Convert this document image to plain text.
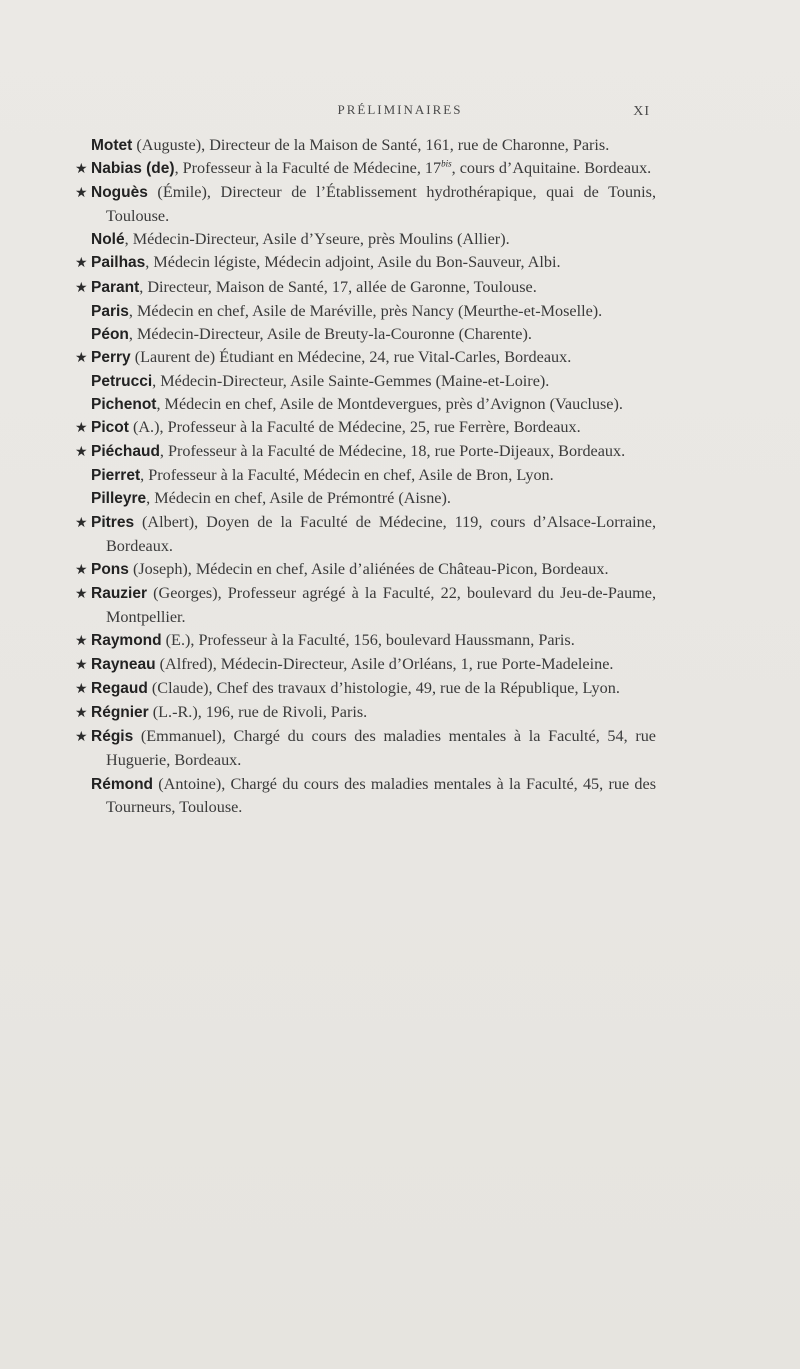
PRÉLIMINAIRES	XI

Motet (Auguste), Directeur de la Maison de Santé, 161, rue de Charonne, Paris.

★ Nabias (de), Professeur à la Faculté de Médecine, $17^{bis}$, cours d’Aquitaine. Bordeaux.

★ Noguès (Émile), Directeur de l’Établissement hydrothérapique, quai de Tounis, Toulouse.

Nolé, Médecin-Directeur, Asile d’Yseure, près Moulins (Allier).

★ Pailhas, Médecin légiste, Médecin adjoint, Asile du Bon-Sauveur, Albi.

★ Parant, Directeur, Maison de Santé, 17, allée de Garonne, Toulouse.

Paris, Médecin en chef, Asile de Maréville, près Nancy (Meurthe-et-Moselle).

Péon, Médecin-Directeur, Asile de Breuty-la-Couronne (Charente).

★ Perry (Laurent de) Étudiant en Médecine, 24, rue Vital-Carles, Bordeaux.

Petrucci, Médecin-Directeur, Asile Sainte-Gemmes (Maine-et-Loire).

Pichenot, Médecin en chef, Asile de Montdevergues, près d’Avignon (Vaucluse).

★ Picot (A.), Professeur à la Faculté de Médecine, 25, rue Ferrère, Bordeaux.

★ Piéchaud, Professeur à la Faculté de Médecine, 18, rue Porte-Dijeaux, Bordeaux.

Pierret, Professeur à la Faculté, Médecin en chef, Asile de Bron, Lyon.

Pilleyre, Médecin en chef, Asile de Prémontré (Aisne).

★ Pitres (Albert), Doyen de la Faculté de Médecine, 119, cours d’Alsace-Lorraine, Bordeaux.

★ Pons (Joseph), Médecin en chef, Asile d’aliénées de Château-Picon, Bordeaux.

★ Rauzier (Georges), Professeur agrégé à la Faculté, 22, boulevard du Jeu-de-Paume, Montpellier.

★ Raymond (E.), Professeur à la Faculté, 156, boulevard Haussmann, Paris.

★ Rayneau (Alfred), Médecin-Directeur, Asile d’Orléans, 1, rue Porte-Madeleine.

★ Regaud (Claude), Chef des travaux d’histologie, 49, rue de la République, Lyon.

★ Régnier (L.-R.), 196, rue de Rivoli, Paris.

★ Régis (Emmanuel), Chargé du cours des maladies mentales à la Faculté, 54, rue Huguerie, Bordeaux.

Rémond (Antoine), Chargé du cours des maladies mentales à la Faculté, 45, rue des Tourneurs, Toulouse.
